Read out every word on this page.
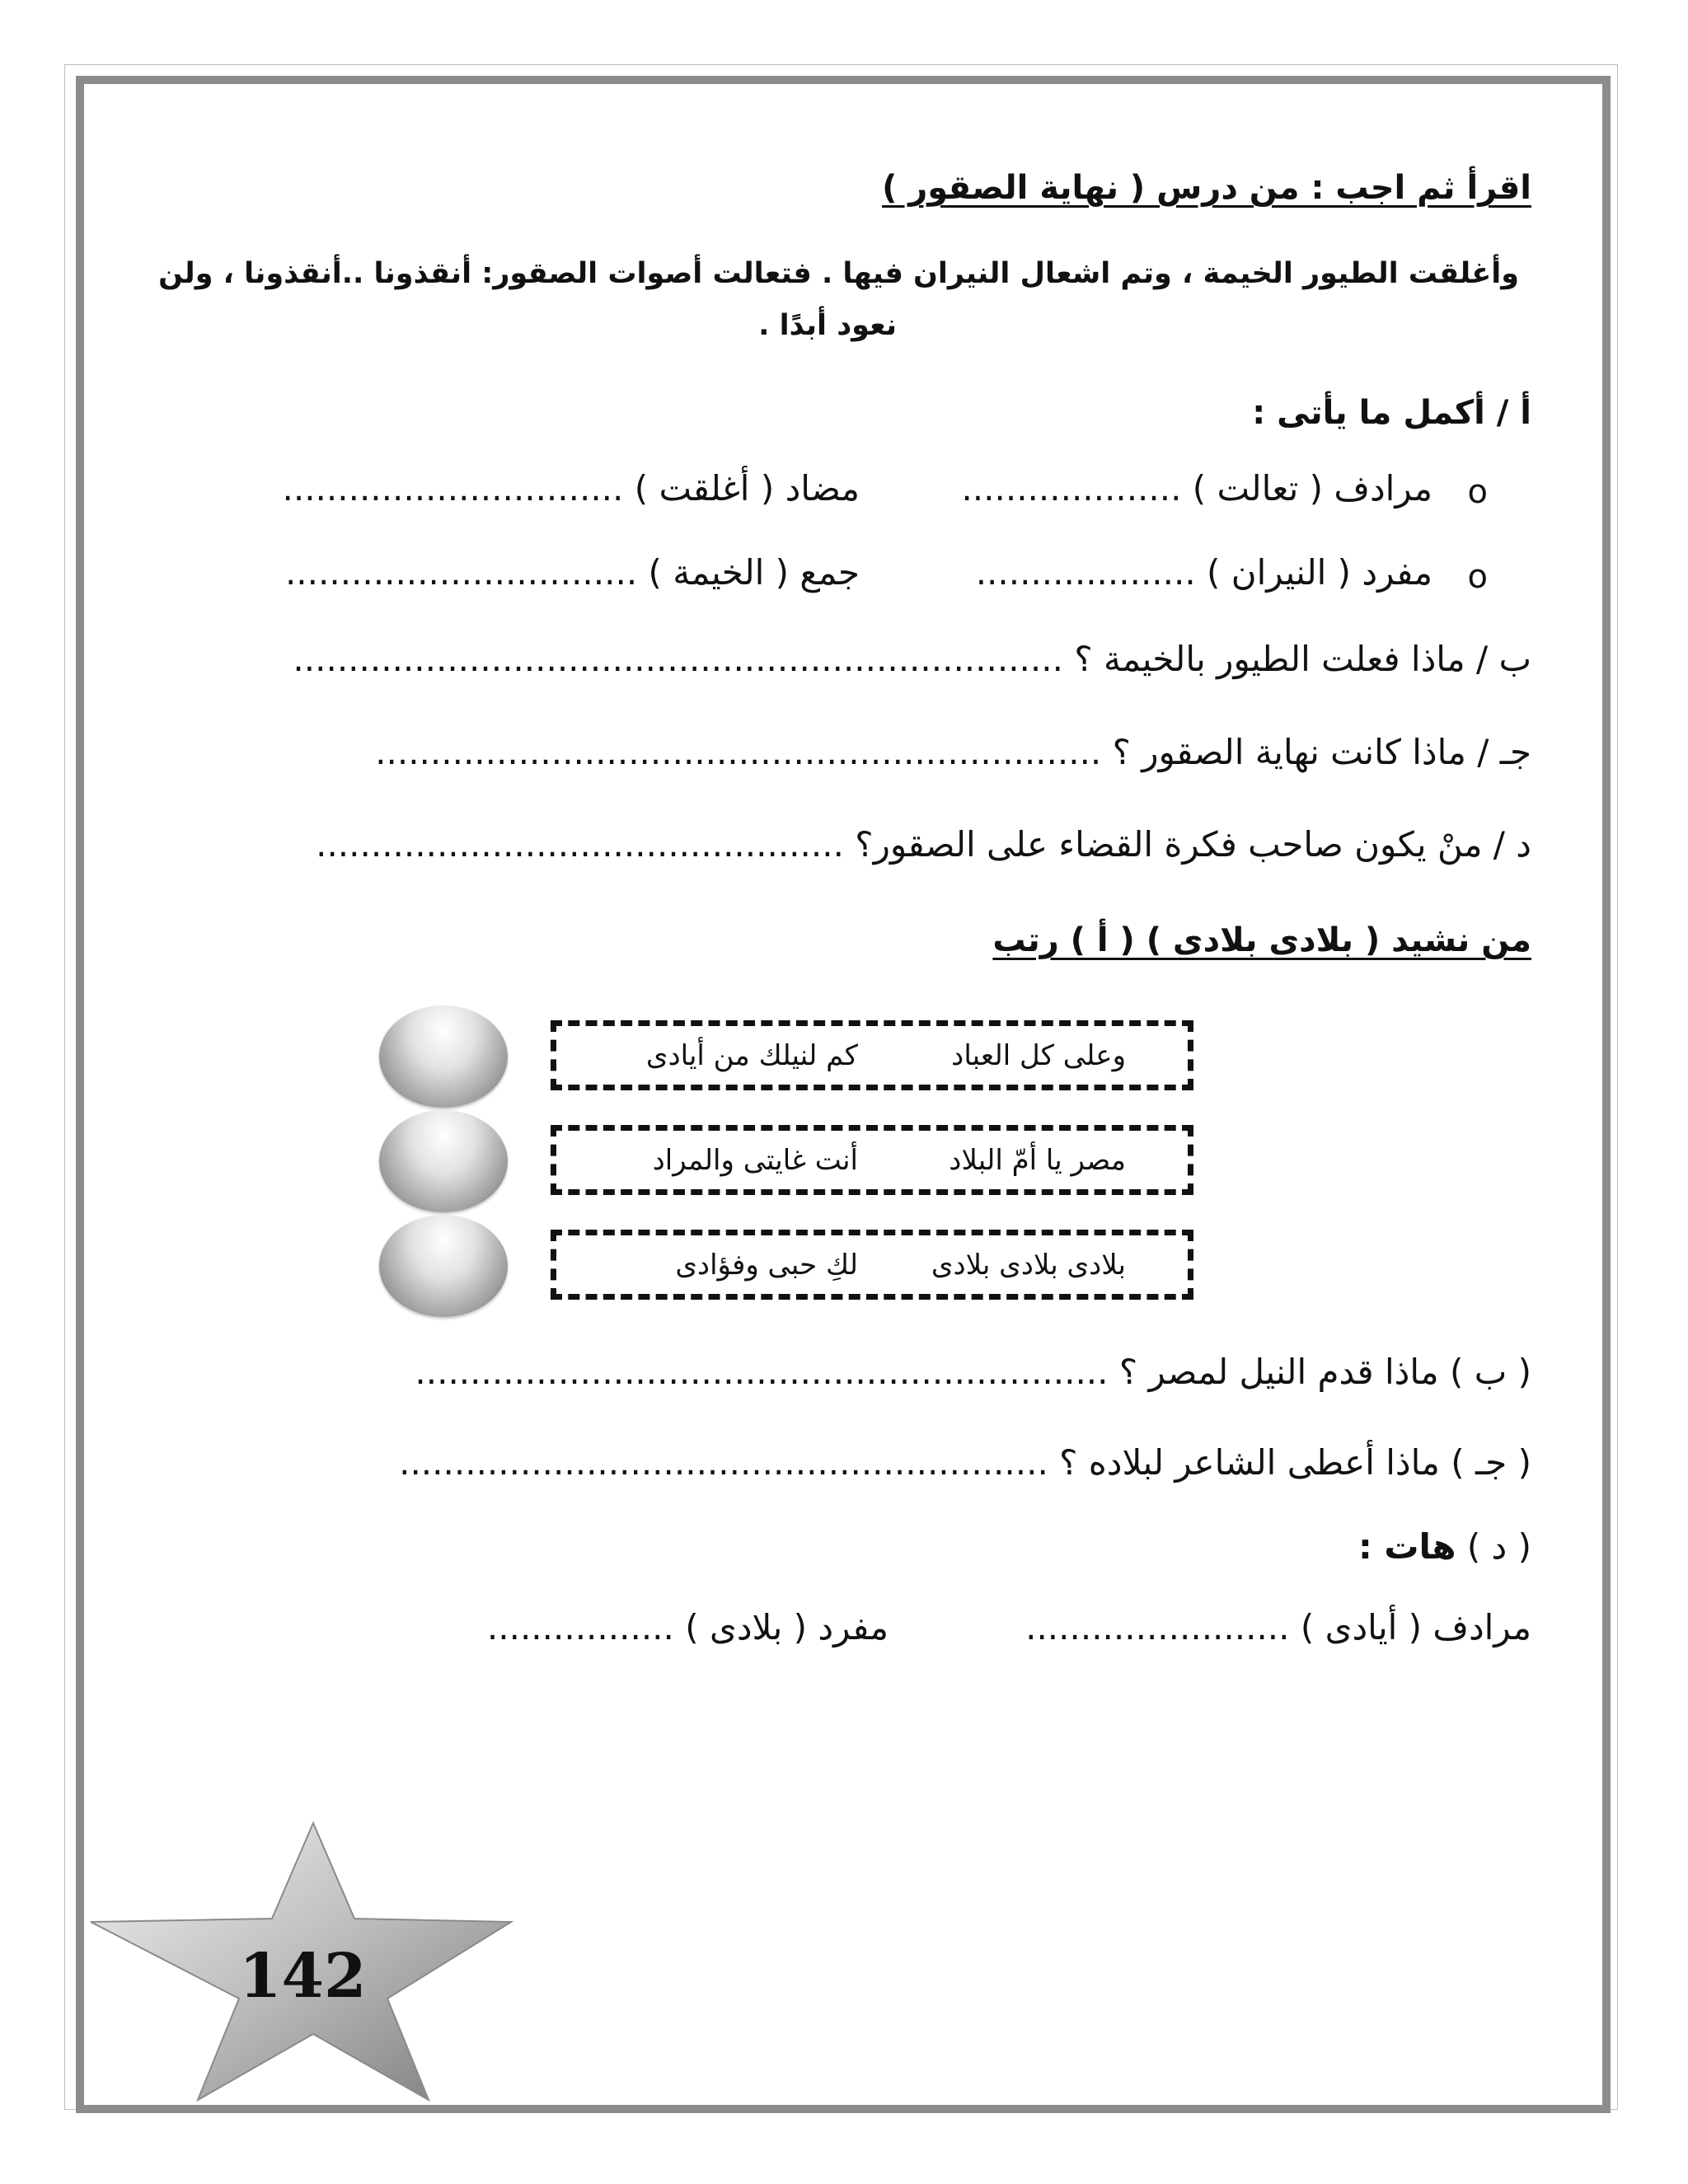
اقرأ ثم اجب : من درس ( نهاية الصقور )
وأغلقت الطيور الخيمة ، وتم اشعال النيران فيها . فتعالت أصوات الصقور: أنقذونا ..أنقذونا ، ولن
نعود أبدًا .
أ / أكمل ما يأتى :
o
مرادف ( تعالت ) ....................
مضاد ( أغلقت ) ...............................
o
مفرد ( النيران ) ....................
جمع ( الخيمة ) ................................
ب / ماذا فعلت الطيور بالخيمة ؟ ......................................................................
جـ / ماذا كانت نهاية الصقور ؟ ..................................................................
د / منْ يكون صاحب فكرة القضاء على الصقور؟ ................................................
من نشيد ( بلادى بلادى ) ( أ ) رتب
وعلى كل العباد
كم لنيلك من أيادى
مصر يا أمّ البلاد
أنت غايتى والمراد
بلادى بلادى بلادى
لكِ حبى وفؤادى
( ب ) ماذا قدم النيل لمصر ؟ ...............................................................
( جـ ) ماذا أعطى الشاعر لبلاده ؟ ...........................................................
( د ) هات :
مرادف ( أيادى ) ........................
مفرد ( بلادى ) .................
142
